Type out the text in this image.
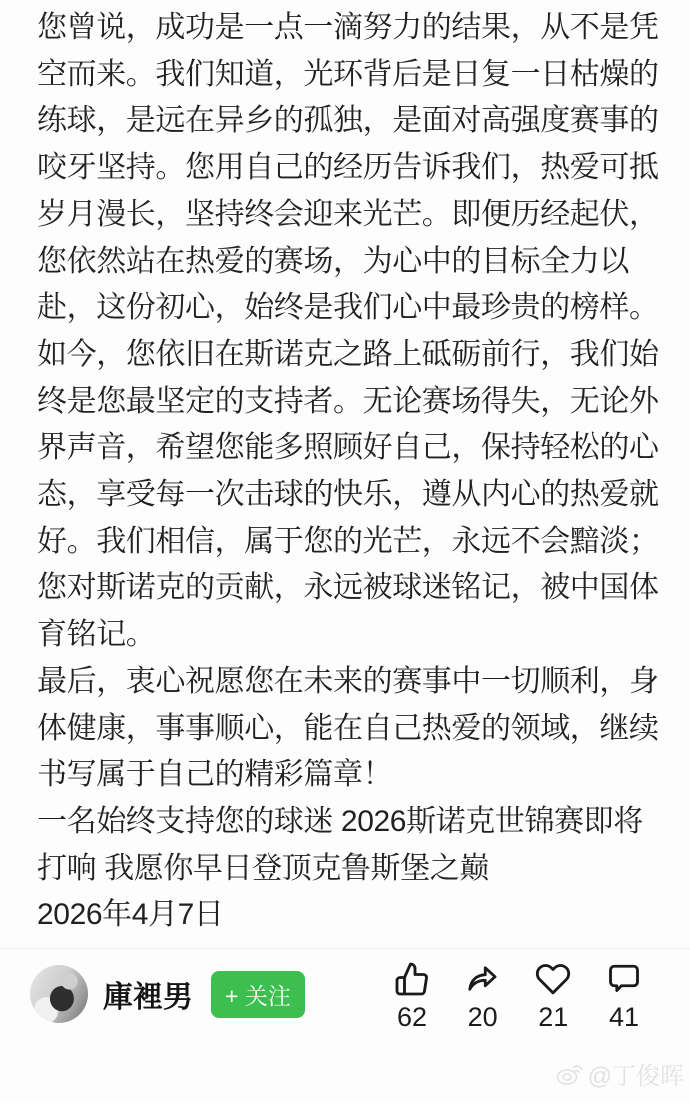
您曾说，成功是一点一滴努力的结果，从不是凭
空而来。我们知道，光环背后是日复一日枯燥的
练球，是远在异乡的孤独，是面对高强度赛事的
咬牙坚持。您用自己的经历告诉我们，热爱可抵
岁月漫长，坚持终会迎来光芒。即便历经起伏，
您依然站在热爱的赛场，为心中的目标全力以
赴，这份初心，始终是我们心中最珍贵的榜样。
如今，您依旧在斯诺克之路上砥砺前行，我们始
终是您最坚定的支持者。无论赛场得失，无论外
界声音，希望您能多照顾好自己，保持轻松的心
态，享受每一次击球的快乐，遵从内心的热爱就
好。我们相信，属于您的光芒，永远不会黯淡；
您对斯诺克的贡献，永远被球迷铭记，被中国体
育铭记。
最后，衷心祝愿您在未来的赛事中一切顺利，身
体健康，事事顺心，能在自己热爱的领域，继续
书写属于自己的精彩篇章！
一名始终支持您的球迷 2026斯诺克世锦赛即将
打响 我愿你早日登顶克鲁斯堡之巅
2026年4月7日
庫裡男	+ 关注
62 20 21 41
@丁俊晖
